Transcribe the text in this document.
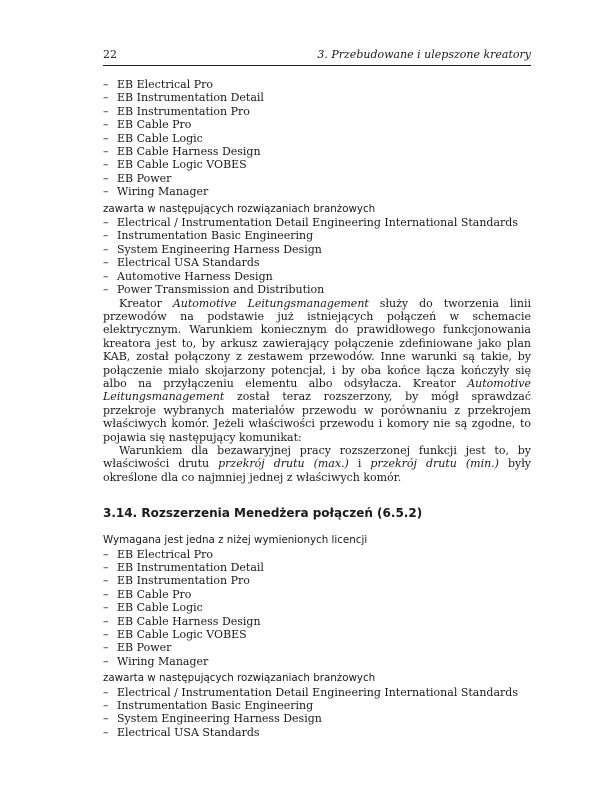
22	3. Przebudowane i ulepszone kreatory
– EB Electrical Pro
– EB Instrumentation Detail
– EB Instrumentation Pro
– EB Cable Pro
– EB Cable Logic
– EB Cable Harness Design
– EB Cable Logic VOBES
– EB Power
– Wiring Manager
zawarta w następujących rozwiązaniach branżowych
– Electrical / Instrumentation Detail Engineering International Standards
– Instrumentation Basic Engineering
– System Engineering Harness Design
– Electrical USA Standards
– Automotive Harness Design
– Power Transmission and Distribution

Kreator Automotive Leitungsmanagement służy do tworzenia linii przewodów na podstawie już istniejących połączeń w schemacie elektrycznym. Warunkiem koniecznym do prawidłowego funkcjonowania kreatora jest to, by arkusz zawierający połączenie zdefiniowane jako plan KAB, został połączony z zestawem przewodów. Inne warunki są takie, by połączenie miało skojarzony potencjał, i by oba końce łącza kończyły się albo na przyłączeniu elementu albo odsyłacza. Kreator Automotive Leitungsmanagement został teraz rozszerzony, by mógł sprawdzać przekroje wybranych materiałów przewodu w porównaniu z przekrojem właściwych komór. Jeżeli właściwości przewodu i komory nie są zgodne, to pojawia się następujący komunikat:

Warunkiem dla bezawaryjnej pracy rozszerzonej funkcji jest to, by właściwości drutu przekrój drutu (max.) i przekrój drutu (min.) były określone dla co najmniej jednej z właściwych komór.

3.14. Rozszerzenia Menedżera połączeń (6.5.2)
Wymagana jest jedna z niżej wymienionych licencji
– EB Electrical Pro
– EB Instrumentation Detail
– EB Instrumentation Pro
– EB Cable Pro
– EB Cable Logic
– EB Cable Harness Design
– EB Cable Logic VOBES
– EB Power
– Wiring Manager
zawarta w następujących rozwiązaniach branżowych
– Electrical / Instrumentation Detail Engineering International Standards
– Instrumentation Basic Engineering
– System Engineering Harness Design
– Electrical USA Standards
